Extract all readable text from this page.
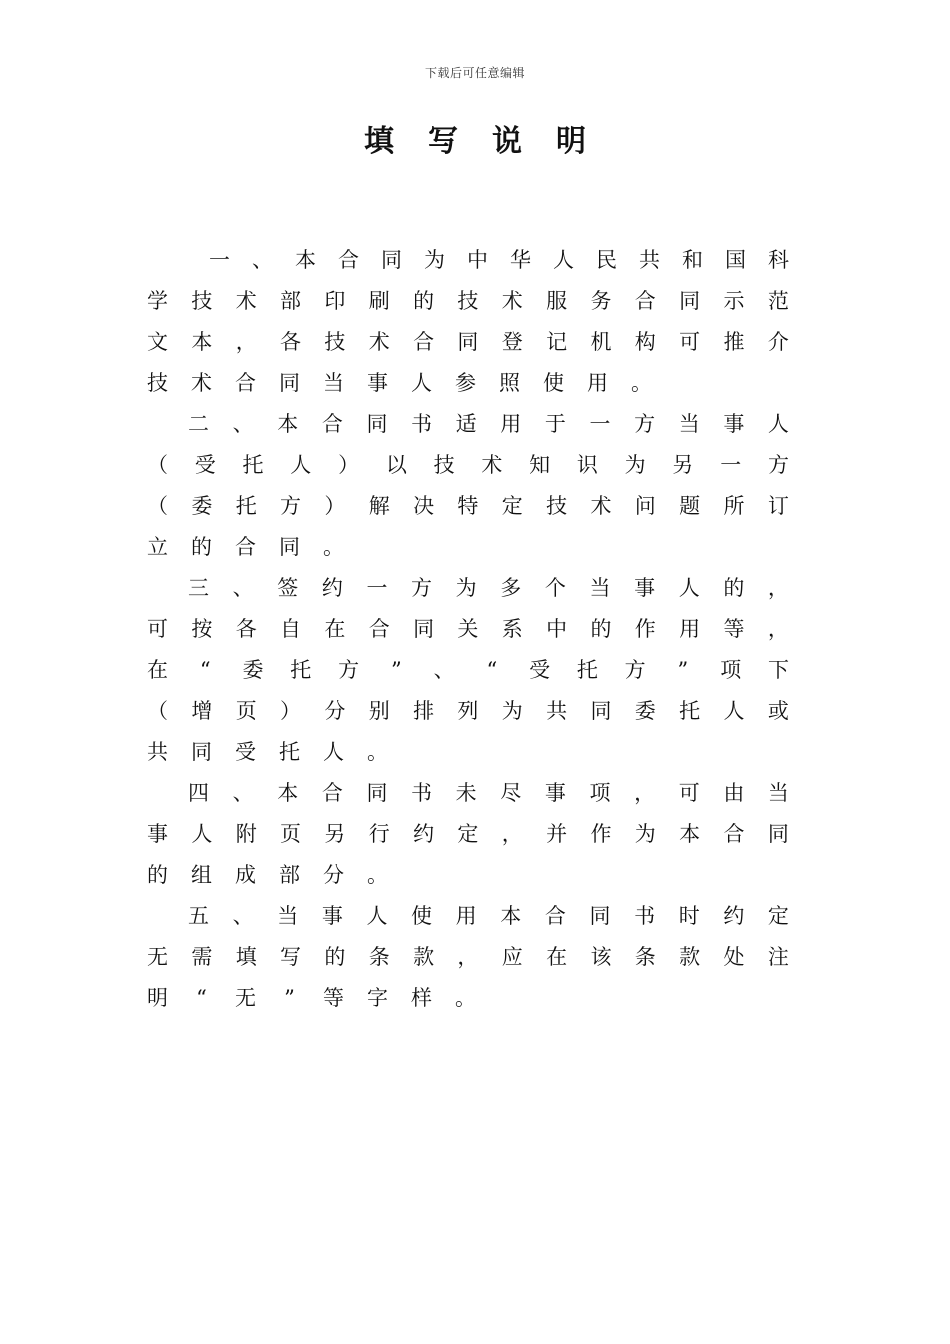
下载后可任意编辑
填写说明
一 、 本 合 同 为 中 华 人 民 共 和 国 科
学 技 术 部 印 刷 的 技 术 服 务 合 同 示 范
文 本 ， 各 技 术 合 同 登 记 机 构 可 推 介
技 术 合 同 当 事 人 参 照 使 用 。
二 、 本 合 同 书 适 用 于 一 方 当 事 人
（ 受 托 人 ） 以 技 术 知 识 为 另 一 方
（ 委 托 方 ） 解 决 特 定 技 术 问 题 所 订
立 的 合 同 。
三 、 签 约 一 方 为 多 个 当 事 人 的 ，
可 按 各 自 在 合 同 关 系 中 的 作 用 等 ，
在 “ 委 托 方 ” 、 “ 受 托 方 ” 项 下
（ 增 页 ） 分 别 排 列 为 共 同 委 托 人 或
共 同 受 托 人 。
四 、 本 合 同 书 未 尽 事 项 ， 可 由 当
事 人 附 页 另 行 约 定 ， 并 作 为 本 合 同
的 组 成 部 分 。
五 、 当 事 人 使 用 本 合 同 书 时 约 定
无 需 填 写 的 条 款 ， 应 在 该 条 款 处 注
明 “ 无 ” 等 字 样 。
